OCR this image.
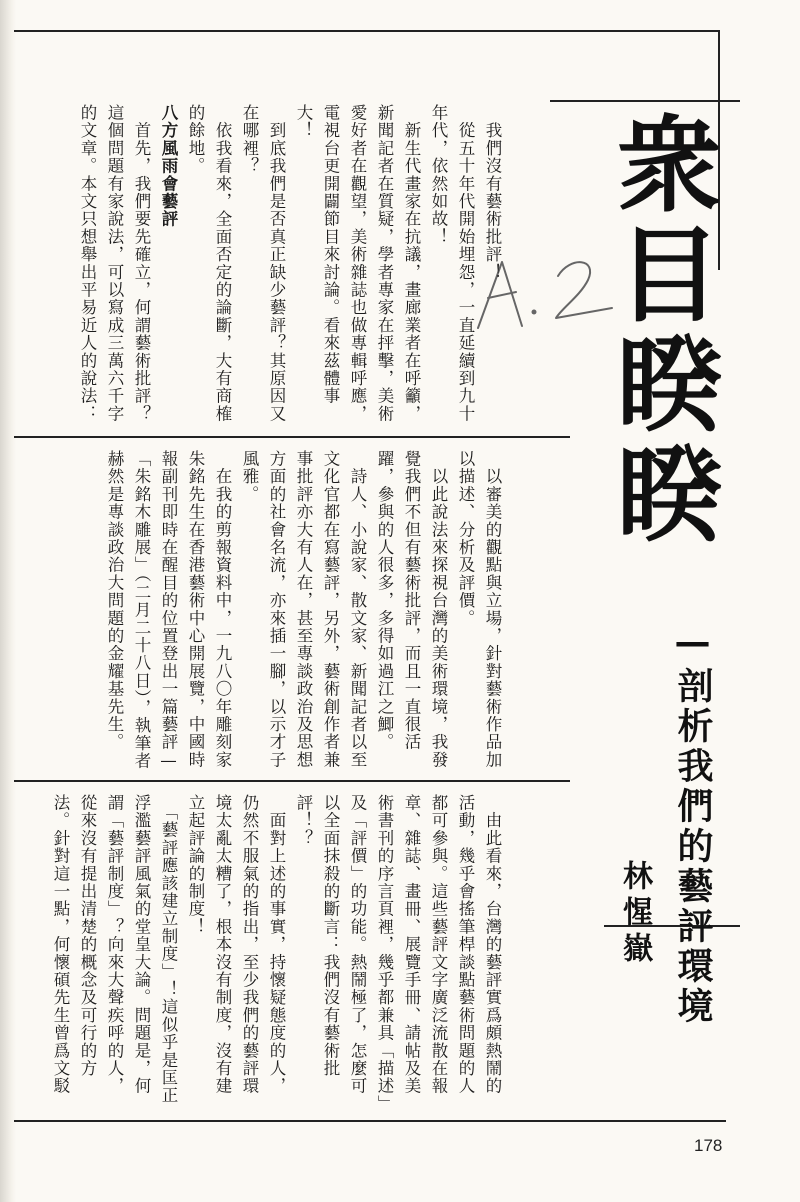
衆目睽睽
—剖析我們的藝評環境
林惺嶽

　我們沒有藝術批評！

　從五十年代開始埋怨，一直延續到九十年代，依然如故！

　新生代畫家在抗議，畫廊業者在呼籲，新聞記者在質疑，學者專家在抨擊，美術愛好者在觀望，美術雜誌也做專輯呼應，電視台更開闢節目來討論。看來茲體事大！

　到底我們是否真正缺少藝評？其原因又在哪裡？

　依我看來，全面否定的論斷，大有商榷的餘地。

八方風雨會藝評

　首先，我們要先確立，何謂藝術批評？這個問題有家說法，可以寫成三萬六千字的文章。本文只想舉出平易近人的說法：

　以審美的觀點與立場，針對藝術作品加以描述、分析及評價。

　以此說法來探視台灣的美術環境，我發覺我們不但有藝術批評，而且一直很活躍，參與的人很多，多得如過江之鯽。

　詩人、小說家、散文家、新聞記者以至文化官都在寫藝評，另外，藝術創作者兼事批評亦大有人在，甚至專談政治及思想方面的社會名流，亦來插一腳，以示才子風雅。

　在我的剪報資料中，一九八〇年雕刻家朱銘先生在香港藝術中心開展覽，中國時報副刊即時在醒目的位置登出一篇藝評—「朱銘木雕展」（二月二十八日），執筆者赫然是專談政治大問題的金耀基先生。

　由此看來，台灣的藝評實爲頗熱鬧的活動，幾乎會搖筆桿談點藝術問題的人都可參與。這些藝評文字廣泛流散在報章、雜誌、畫冊、展覽手冊、請帖及美術書刊的序言頁裡，幾乎都兼具「描述」及「評價」的功能。熱鬧極了，怎麼可以全面抹殺的斷言：我們沒有藝術批評！？

　面對上述的事實，持懷疑態度的人，仍然不服氣的指出，至少我們的藝評環境太亂太糟了，根本沒有制度，沒有建立起評論的制度！

　「藝評應該建立制度」！這似乎是匡正浮濫藝評風氣的堂皇大論。問題是，何謂「藝評制度」？向來大聲疾呼的人，從來沒有提出清楚的概念及可行的方法。針對這一點，何懷碩先生曾爲文駁

178
